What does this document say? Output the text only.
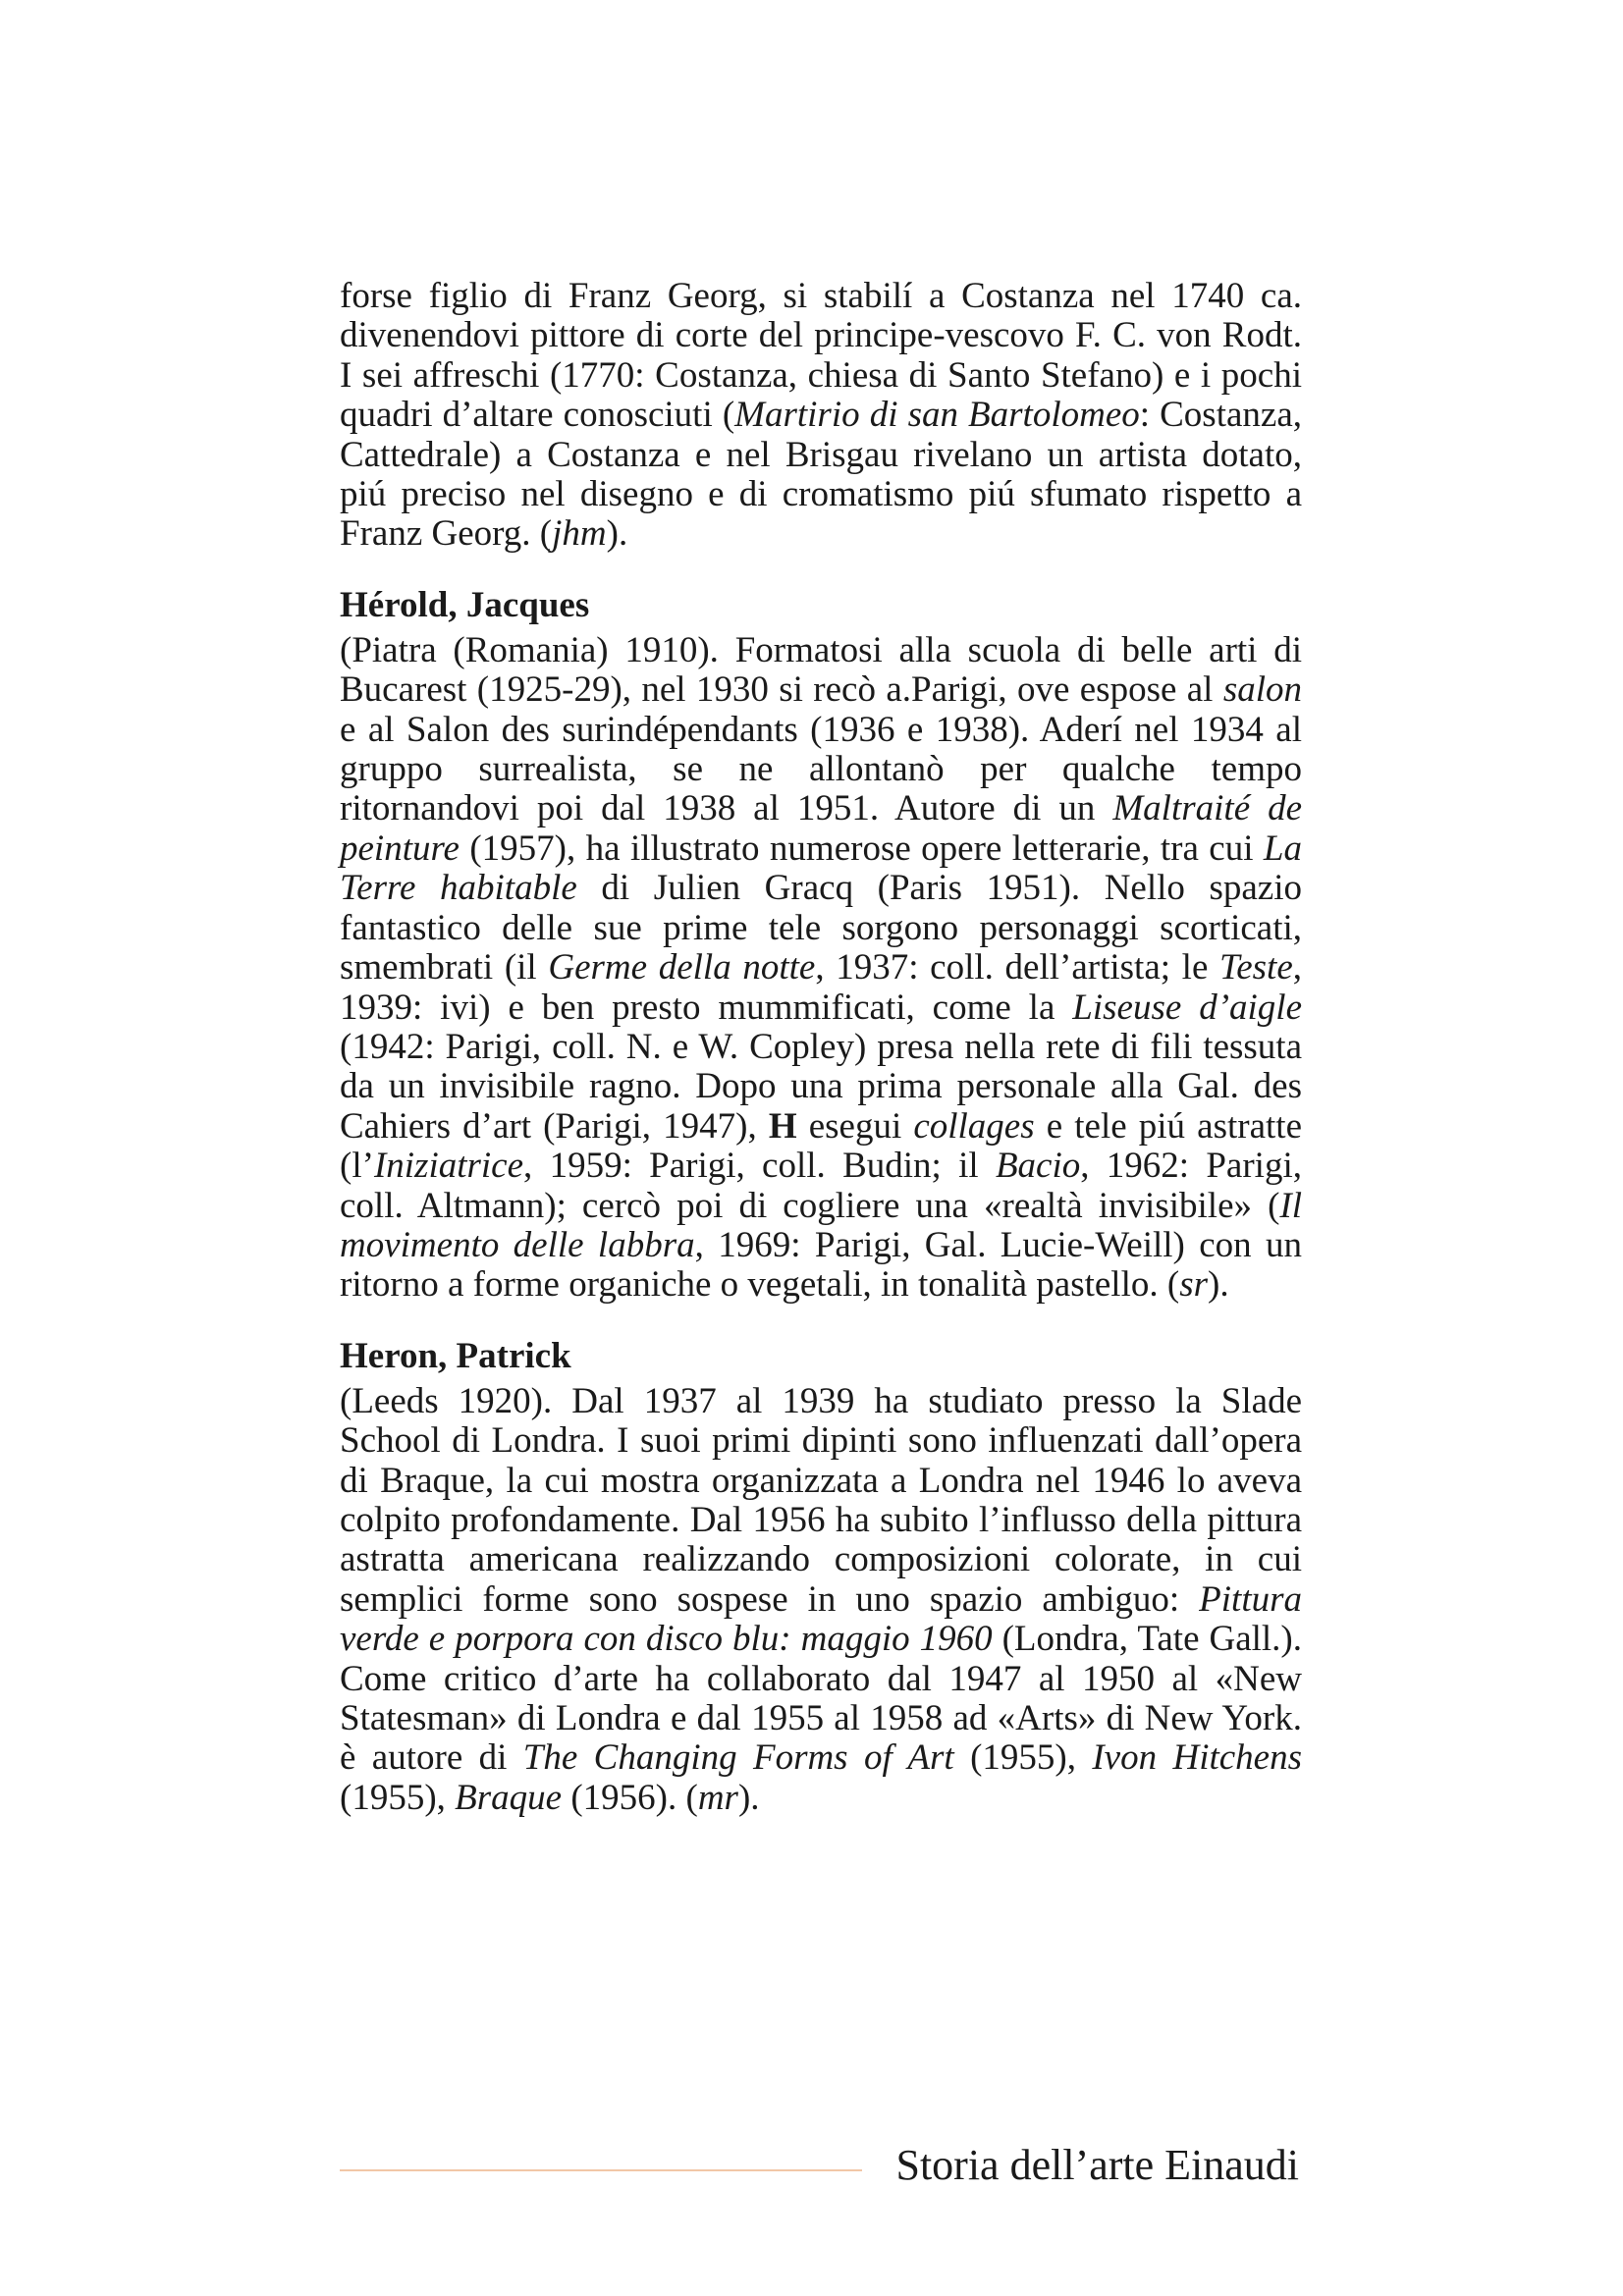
forse figlio di Franz Georg, si stabilí a Costanza nel 1740 ca. divenendovi pittore di corte del principe-vescovo F. C. von Rodt. I sei affreschi (1770: Costanza, chiesa di Santo Stefano) e i pochi quadri d’altare conosciuti (Martirio di san Bartolomeo: Costanza, Cattedrale) a Costanza e nel Brisgau rivelano un artista dotato, piú preciso nel disegno e di cromatismo piú sfumato rispetto a Franz Georg. (jhm).

Hérold, Jacques

(Piatra (Romania) 1910). Formatosi alla scuola di belle arti di Bucarest (1925-29), nel 1930 si recò a.Parigi, ove espose al salon e al Salon des surindépendants (1936 e 1938). Aderí nel 1934 al gruppo surrealista, se ne allontanò per qualche tempo ritornandovi poi dal 1938 al 1951. Autore di un Maltraité de peinture (1957), ha illustrato numerose opere letterarie, tra cui La Terre habitable di Julien Gracq (Paris 1951). Nello spazio fantastico delle sue prime tele sorgono personaggi scorticati, smembrati (il Germe della notte, 1937: coll. dell’artista; le Teste, 1939: ivi) e ben presto mummificati, come la Liseuse d’aigle (1942: Parigi, coll. N. e W. Copley) presa nella rete di fili tessuta da un invisibile ragno. Dopo una prima personale alla Gal. des Cahiers d’art (Parigi, 1947), H esegui collages e tele piú astratte (l’Iniziatrice, 1959: Parigi, coll. Budin; il Bacio, 1962: Parigi, coll. Altmann); cercò poi di cogliere una «realtà invisibile» (Il movimento delle labbra, 1969: Parigi, Gal. Lucie-Weill) con un ritorno a forme organiche o vegetali, in tonalità pastello. (sr).

Heron, Patrick

(Leeds 1920). Dal 1937 al 1939 ha studiato presso la Slade School di Londra. I suoi primi dipinti sono influenzati dall’opera di Braque, la cui mostra organizzata a Londra nel 1946 lo aveva colpito profondamente. Dal 1956 ha subito l’influsso della pittura astratta americana realizzando composizioni colorate, in cui semplici forme sono sospese in uno spazio ambiguo: Pittura verde e porpora con disco blu: maggio 1960 (Londra, Tate Gall.). Come critico d’arte ha collaborato dal 1947 al 1950 al «New Statesman» di Londra e dal 1955 al 1958 ad «Arts» di New York. è autore di The Changing Forms of Art (1955), Ivon Hitchens (1955), Braque (1956). (mr).

Storia dell’arte Einaudi
